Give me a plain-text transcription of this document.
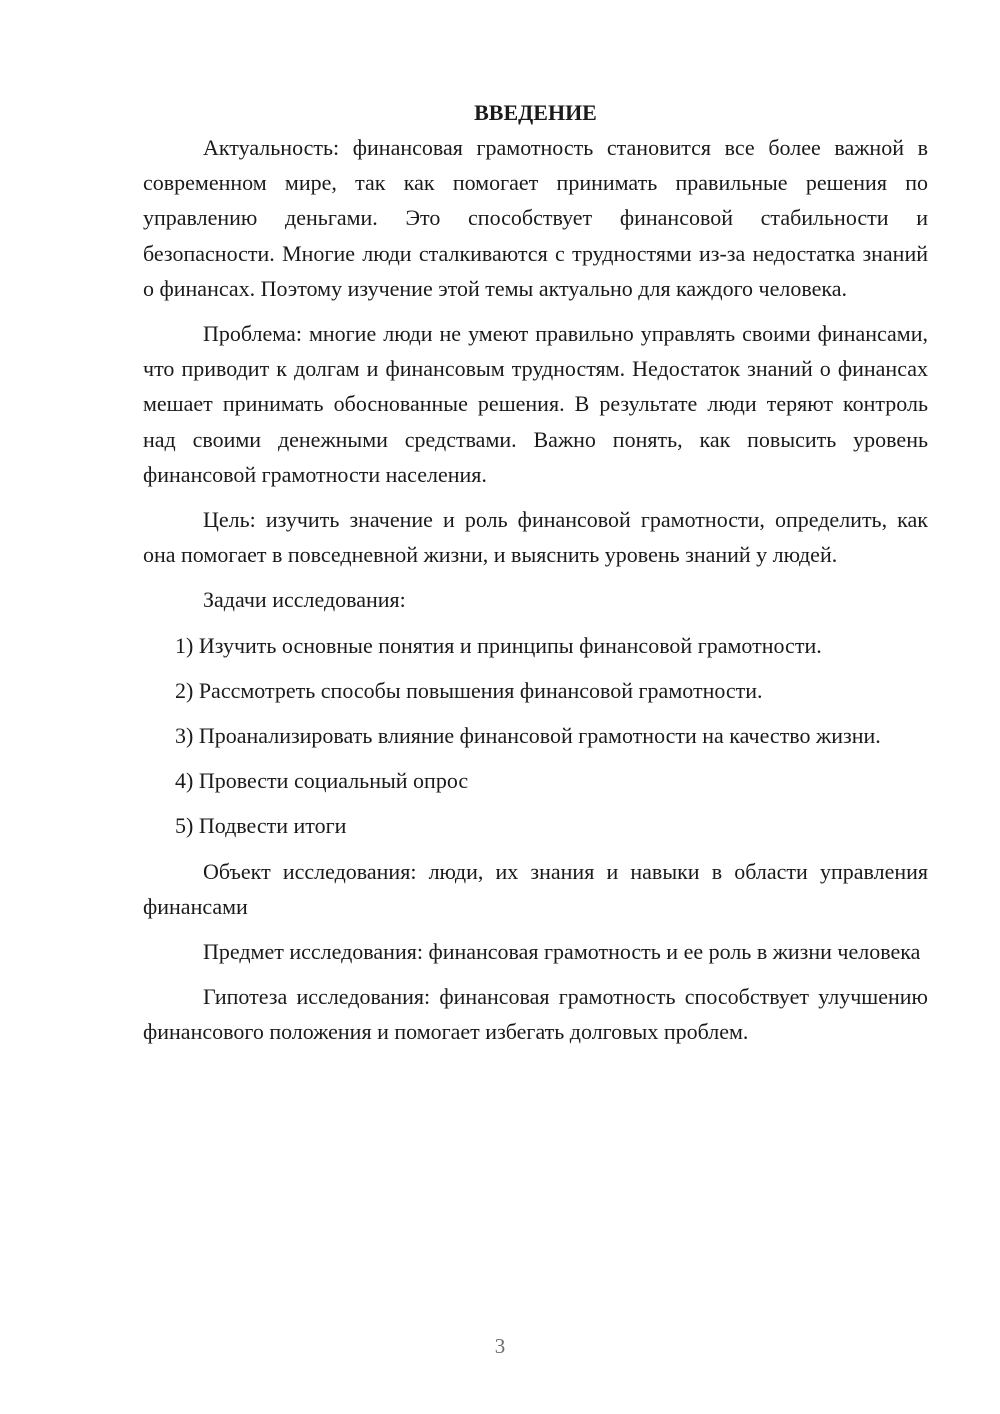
ВВЕДЕНИЕ

Актуальность: финансовая грамотность становится все более важной в современном мире, так как помогает принимать правильные решения по управлению деньгами. Это способствует финансовой стабильности и безопасности. Многие люди сталкиваются с трудностями из-за недостатка знаний о финансах. Поэтому изучение этой темы актуально для каждого человека.

Проблема: многие люди не умеют правильно управлять своими финансами, что приводит к долгам и финансовым трудностям. Недостаток знаний о финансах мешает принимать обоснованные решения. В результате люди теряют контроль над своими денежными средствами. Важно понять, как повысить уровень финансовой грамотности населения.

Цель: изучить значение и роль финансовой грамотности, определить, как она помогает в повседневной жизни, и выяснить уровень знаний у людей.

Задачи исследования:

1) Изучить основные понятия и принципы финансовой грамотности.
2) Рассмотреть способы повышения финансовой грамотности.
3) Проанализировать влияние финансовой грамотности на качество жизни.
4) Провести социальный опрос
5) Подвести итоги

Объект исследования: люди, их знания и навыки в области управления финансами

Предмет исследования: финансовая грамотность и ее роль в жизни человека

Гипотеза исследования: финансовая грамотность способствует улучшению финансового положения и помогает избегать долговых проблем.

3
